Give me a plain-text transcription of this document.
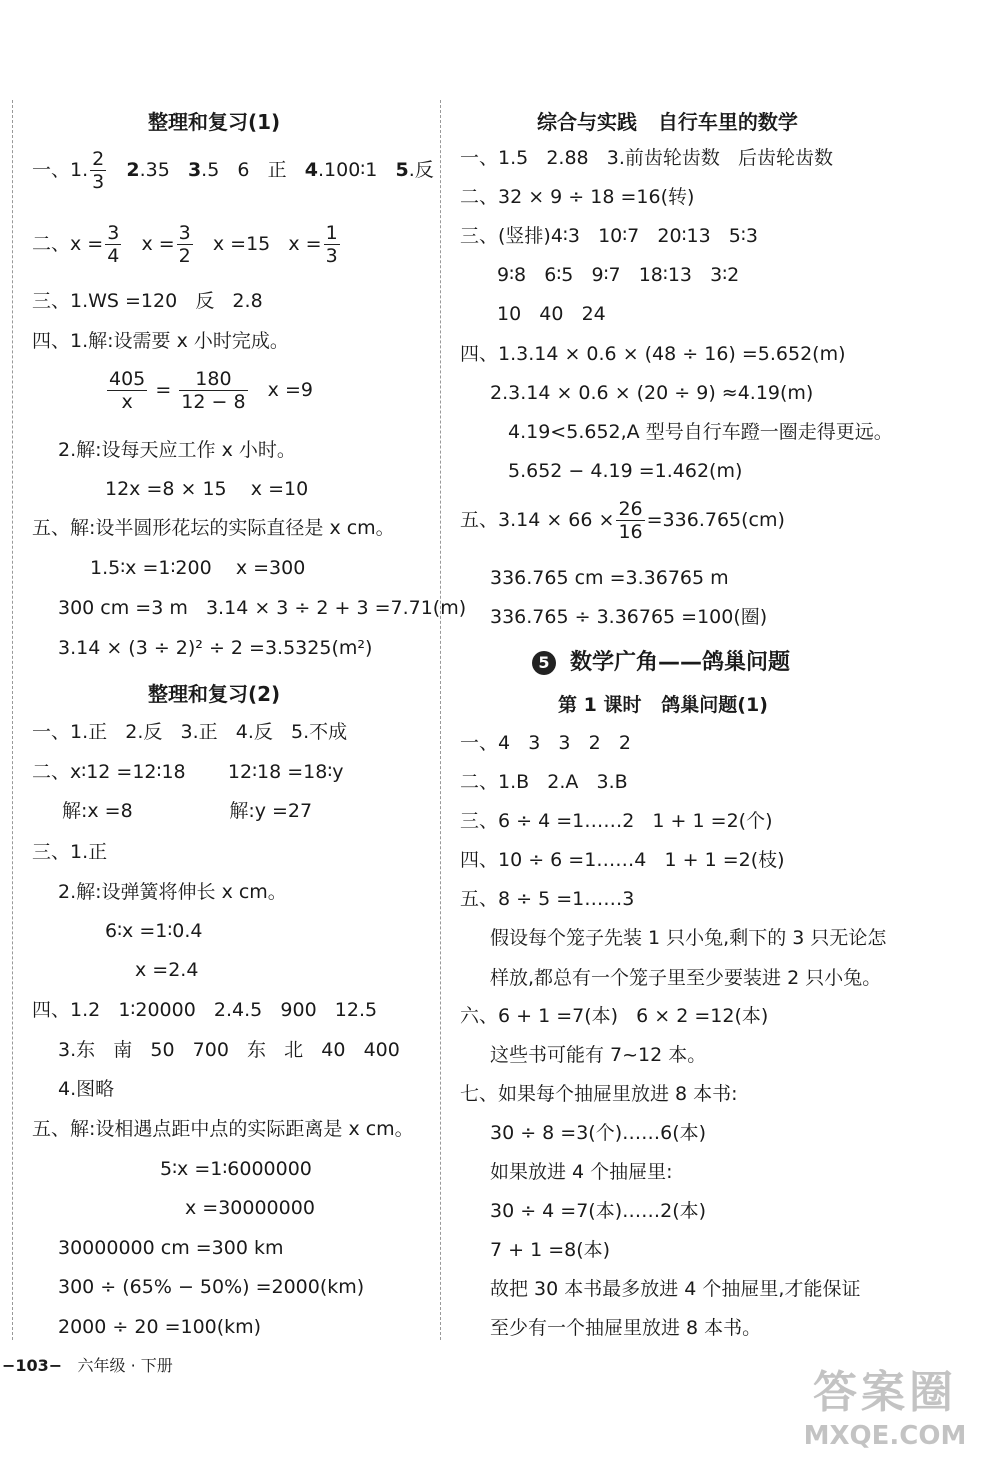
整理和复习(1)
一、1. $\frac{2}{3} 2.35$ 3.5   6   正 4.100∶1 5.反
二、$x = \frac{3}{4}$ $x = \frac{3}{2}$ x =15 $x = \frac{1}{3}$
三、1.WS =120   反   2.8
四、1.解:设需要 x 小时完成。
$\frac{405}{x} = \frac{180}{12 - 8}$ x =9
2.解:设每天应工作 x 小时。
12x =8 × 15    x =10
五、解:设半圆形花坛的实际直径是 x cm。
1.5∶x =1∶200    x =300
300 cm =3 m   3.14 × 3 ÷ 2 + 3 =7.71(m)
3.14 × (3 ÷ 2)² ÷ 2 =3.5325(m²)
整理和复习(2)
一、1.正   2.反   3.正   4.反   5.不成
二、x∶12 =12∶18       12∶18 =18∶y
解:x =8                解:y =27
三、1.正
2.解:设弹簧将伸长 x cm。
6∶x =1∶0.4
x =2.4
四、1.2   1∶20000   2.4.5   900   12.5
3.东   南   50   700   东   北   40   400
4.图略
五、解:设相遇点距中点的实际距离是 x cm。
5∶x =1∶6000000
x =30000000
30000000 cm =300 km
300 ÷ (65% − 50%) =2000(km)
2000 ÷ 20 =100(km)
综合与实践   自行车里的数学
一、1.5   2.88   3.前齿轮齿数   后齿轮齿数
二、32 × 9 ÷ 18 =16(转)
三、(竖排)4∶3   10∶7   20∶13   5∶3
9∶8   6∶5   9∶7   18∶13   3∶2
10   40   24
四、1.3.14 × 0.6 × (48 ÷ 16) =5.652(m)
2.3.14 × 0.6 × (20 ÷ 9) ≈4.19(m)
4.19<5.652,A 型号自行车蹬一圈走得更远。
5.652 − 4.19 =1.462(m)
五、$3.14 \times 66 \times \frac{26}{16} =336.765(cm)$
336.765 cm =3.36765 m
336.765 ÷ 3.36765 =100(圈)
5 数学广角——鸽巢问题
第 1 课时   鸽巢问题(1)
一、4   3   3   2   2
二、1.B   2.A   3.B
三、6 ÷ 4 =1……2   1 + 1 =2(个)
四、10 ÷ 6 =1……4   1 + 1 =2(枝)
五、8 ÷ 5 =1……3
假设每个笼子先装 1 只小兔,剩下的 3 只无论怎
样放,都总有一个笼子里至少要装进 2 只小兔。
六、6 + 1 =7(本)   6 × 2 =12(本)
这些书可能有 7~12 本。
七、如果每个抽屉里放进 8 本书:
30 ÷ 8 =3(个)……6(本)
如果放进 4 个抽屉里:
30 ÷ 4 =7(本)……2(本)
7 + 1 =8(本)
故把 30 本书最多放进 4 个抽屉里,才能保证
至少有一个抽屉里放进 8 本书。
−103− 六年级 · 下册
答案圈
MXQE.COM
